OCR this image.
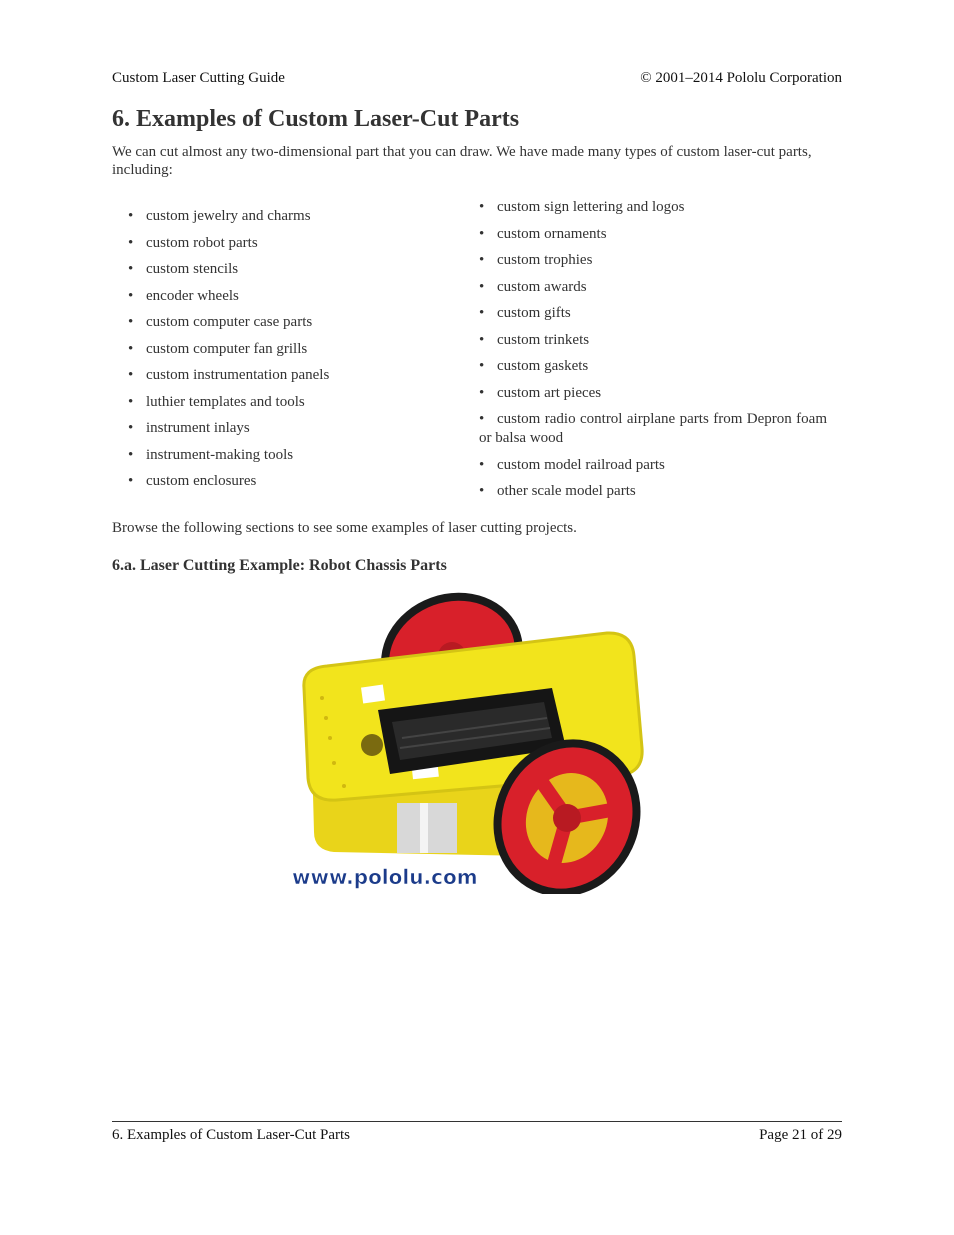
Custom Laser Cutting Guide	© 2001–2014 Pololu Corporation
6. Examples of Custom Laser-Cut Parts

We can cut almost any two-dimensional part that you can draw. We have made many types of custom laser-cut parts, including:

• custom jewelry and charms
• custom robot parts
• custom stencils
• encoder wheels
• custom computer case parts
• custom computer fan grills
• custom instrumentation panels
• luthier templates and tools
• instrument inlays
• instrument-making tools
• custom enclosures
• custom sign lettering and logos
• custom ornaments
• custom trophies
• custom awards
• custom gifts
• custom trinkets
• custom gaskets
• custom art pieces
• custom radio control airplane parts from Depron foam or balsa wood
• custom model railroad parts
• other scale model parts

Browse the following sections to see some examples of laser cutting projects.

6.a. Laser Cutting Example: Robot Chassis Parts
www.pololu.com
6. Examples of Custom Laser-Cut Parts	Page 21 of 29
